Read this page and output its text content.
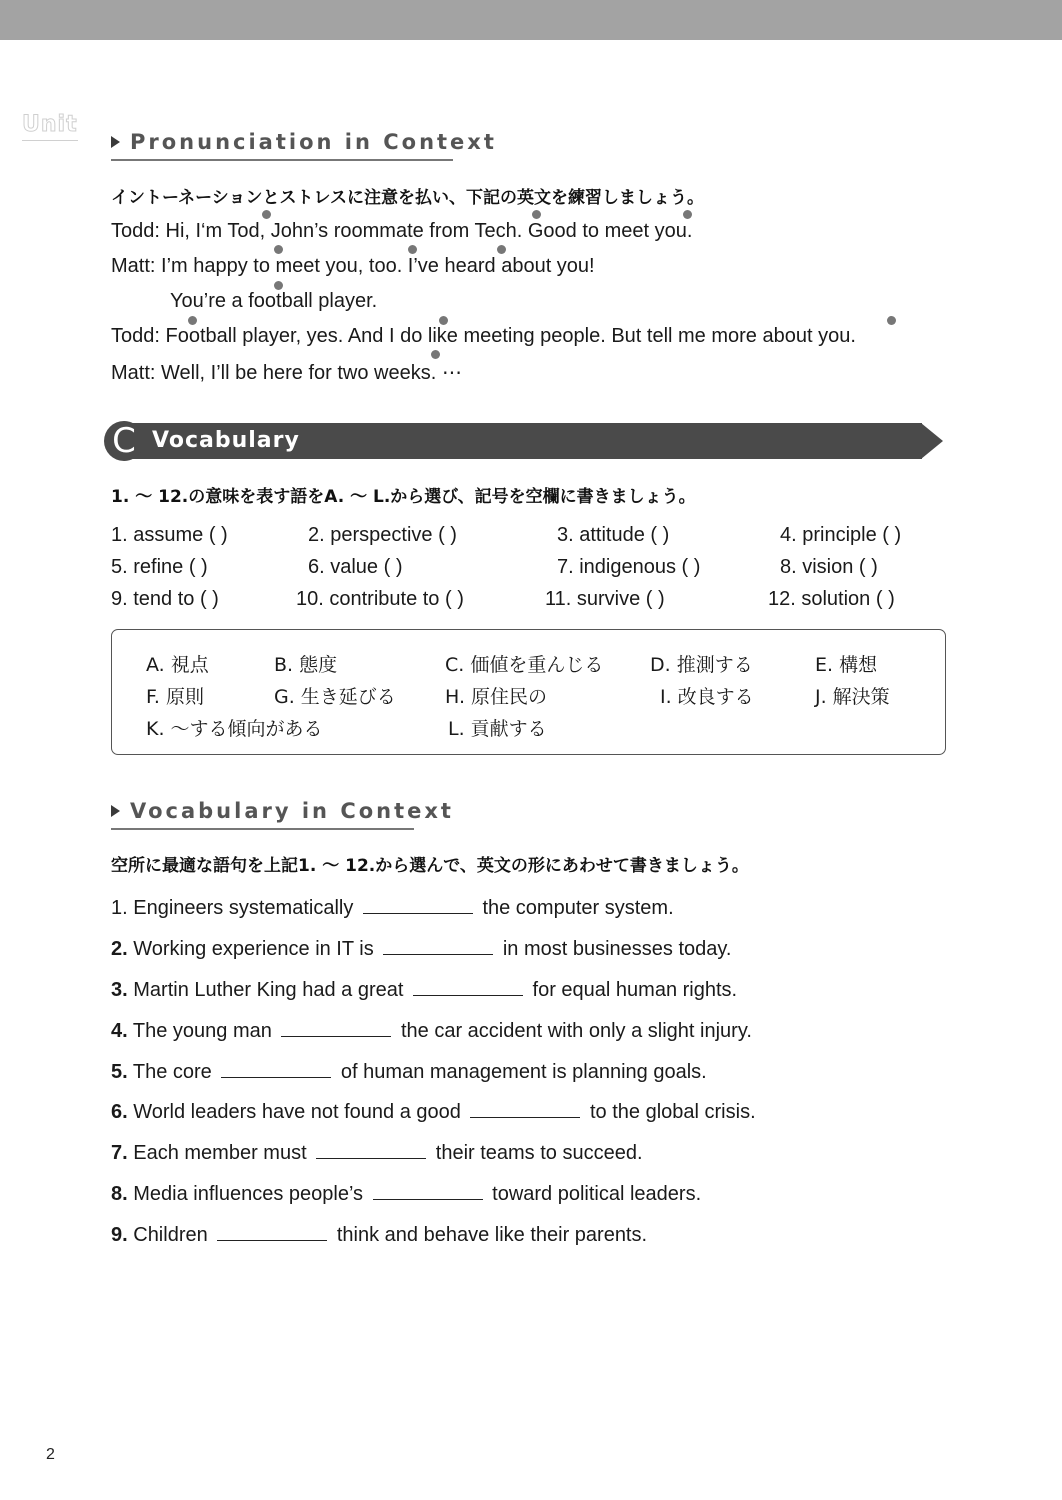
Unit
Pronunciation in Context
イントーネーションとストレスに注意を払い、下記の英文を練習しましょう。
Todd: Hi, I‘m Tod, John’s roommate from Tech. Good to meet you.
Matt: I’m happy to meet you, too. I’ve heard about you!
You’re a football player.
Todd: Football player, yes. And I do like meeting people. But tell me more about you.
Matt: Well, I’ll be here for two weeks. ⋯
C Vocabulary
1. 〜 12.の意味を表す語をA. 〜 L.から選び、記号を空欄に書きましょう。
1. assume ( )	2. perspective ( )	3. attitude ( )	4. principle ( )
5. refine ( )	6. value ( )	7. indigenous ( )	8. vision ( )
9. tend to ( )	10. contribute to ( )	11. survive ( )	12. solution ( )
A. 視点	B. 態度	C. 価値を重んじる D. 推測する	E. 構想
F. 原則	G. 生き延びる	H. 原住民の	I. 改良する	J. 解決策
K. 〜する傾向がある	L. 貢献する
Vocabulary in Context
空所に最適な語句を上記1. 〜 12.から選んで、英文の形にあわせて書きましょう。
1. Engineers systematically	the computer system.
2. Working experience in IT is	in most businesses today.
3. Martin Luther King had a great	for equal human rights.
4. The young man	the car accident with only a slight injury.
5. The core	of human management is planning goals.
6. World leaders have not found a good	to the global crisis.
7. Each member must	their teams to succeed.
8. Media influences people’s	toward political leaders.
9. Children	think and behave like their parents.
2
